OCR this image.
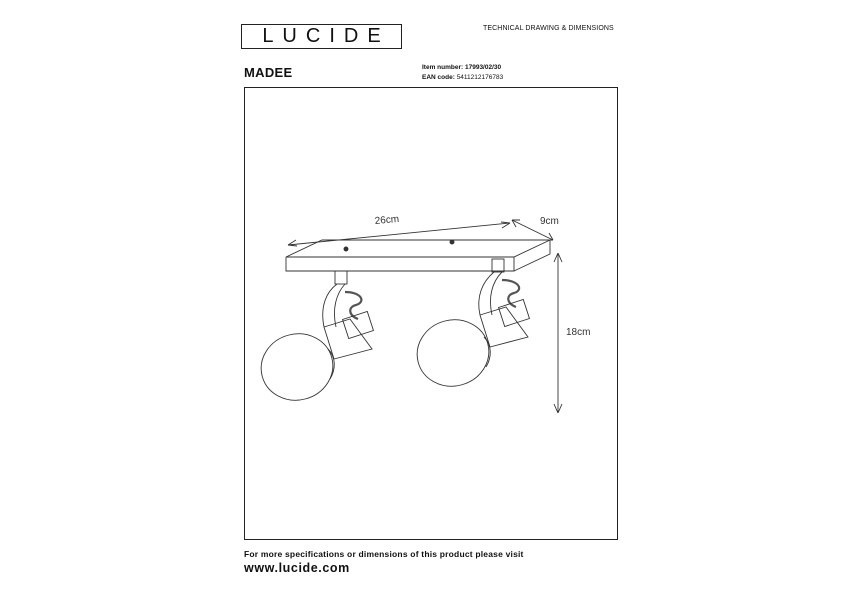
LUCIDE	TECHNICAL DRAWING & DIMENSIONS
MADEE	Item number: 17993/02/30
EAN code: 5411212176783
26cm	9cm
18cm
For more specifications or dimensions of this product please visit
www.lucide.com
